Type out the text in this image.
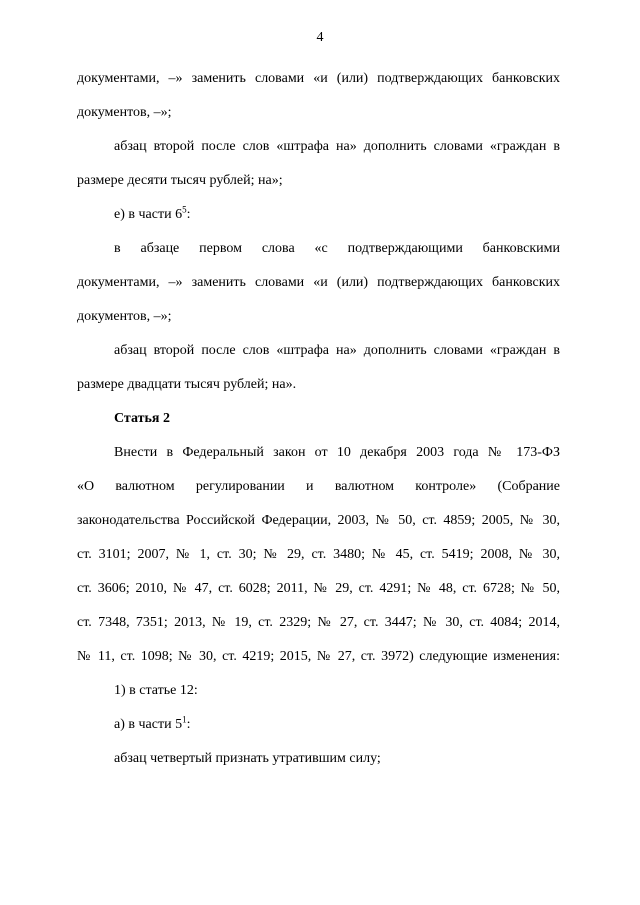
4
документами, –» заменить словами «и (или) подтверждающих банковских
документов, –»;
абзац второй после слов «штрафа на» дополнить словами «граждан в
размере десяти тысяч рублей; на»;
е) в части $6^5$:
в абзаце первом слова «с подтверждающими банковскими
документами, –» заменить словами «и (или) подтверждающих банковских
документов, –»;
абзац второй после слов «штрафа на» дополнить словами «граждан в
размере двадцати тысяч рублей; на».
Статья 2
Внести в Федеральный закон от 10 декабря 2003 года № 173-ФЗ
«О валютном регулировании и валютном контроле» (Собрание
законодательства Российской Федерации, 2003, № 50, ст. 4859; 2005, № 30,
ст. 3101; 2007, № 1, ст. 30; № 29, ст. 3480; № 45, ст. 5419; 2008, № 30,
ст. 3606; 2010, № 47, ст. 6028; 2011, № 29, ст. 4291; № 48, ст. 6728; № 50,
ст. 7348, 7351; 2013, № 19, ст. 2329; № 27, ст. 3447; № 30, ст. 4084; 2014,
№ 11, ст. 1098; № 30, ст. 4219; 2015, № 27, ст. 3972) следующие изменения:
1) в статье 12:
а) в части $5^1$:
абзац четвертый признать утратившим силу;
